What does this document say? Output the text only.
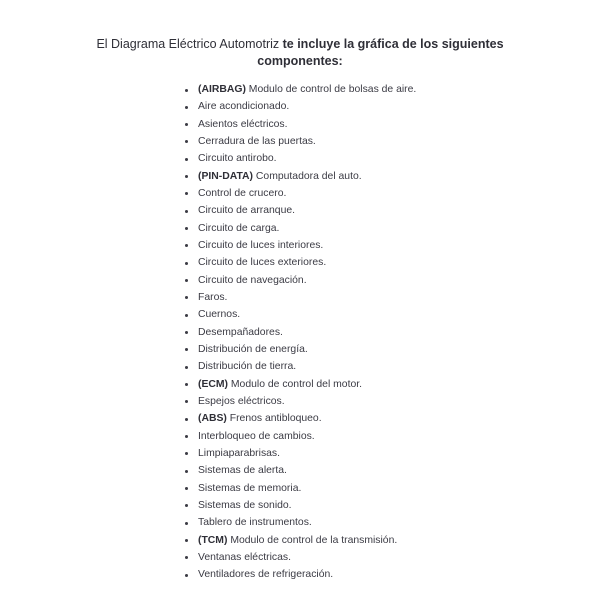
El Diagrama Eléctrico Automotriz te incluye la gráfica de los siguientes
componentes:
(AIRBAG) Modulo de control de bolsas de aire.
Aire acondicionado.
Asientos eléctricos.
Cerradura de las puertas.
Circuito antirobo.
(PIN-DATA) Computadora del auto.
Control de crucero.
Circuito de arranque.
Circuito de carga.
Circuito de luces interiores.
Circuito de luces exteriores.
Circuito de navegación.
Faros.
Cuernos.
Desempañadores.
Distribución de energía.
Distribución de tierra.
(ECM) Modulo de control del motor.
Espejos eléctricos.
(ABS) Frenos antibloqueo.
Interbloqueo de cambios.
Limpiaparabrisas.
Sistemas de alerta.
Sistemas de memoria.
Sistemas de sonido.
Tablero de instrumentos.
(TCM) Modulo de control de la transmisión.
Ventanas eléctricas.
Ventiladores de refrigeración.
